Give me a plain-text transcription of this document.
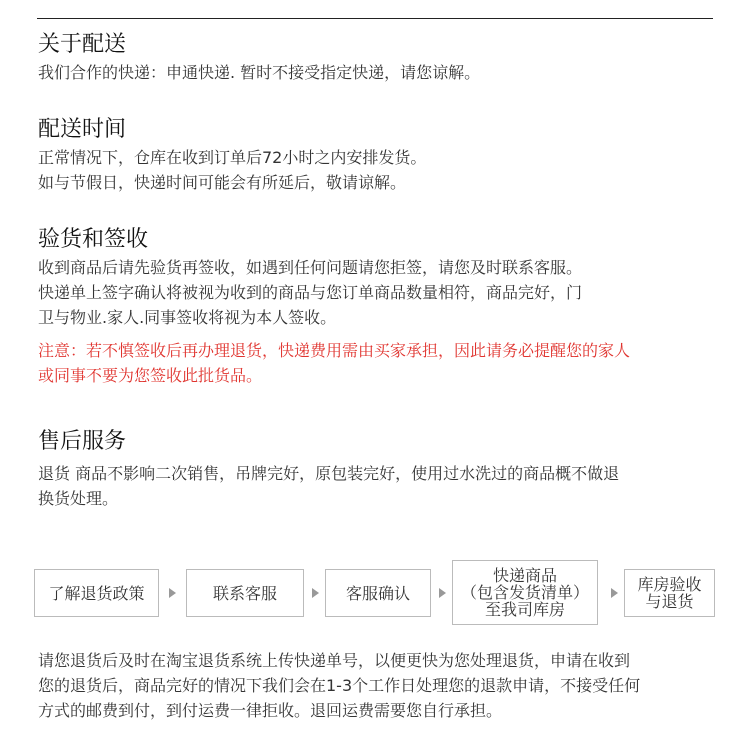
关于配送

我们合作的快递：申通快递. 暂时不接受指定快递，请您谅解。

配送时间

正常情况下，仓库在收到订单后72小时之内安排发货。

如与节假日，快递时间可能会有所延后，敬请谅解。

验货和签收

收到商品后请先验货再签收，如遇到任何问题请您拒签，请您及时联系客服。

快递单上签字确认将被视为收到的商品与您订单商品数量相符，商品完好，门

卫与物业.家人.同事签收将视为本人签收。

注意：若不慎签收后再办理退货，快递费用需由买家承担，因此请务必提醒您的家人

或同事不要为您签收此批货品。

售后服务

退货 商品不影响二次销售，吊牌完好，原包装完好，使用过水洗过的商品概不做退

换货处理。

了解退货政策	联系客服	客服确认
快递商品
（包含发货清单）
至我司库房
库房验收
与退货

请您退货后及时在淘宝退货系统上传快递单号，以便更快为您处理退货，申请在收到

您的退货后，商品完好的情况下我们会在1-3个工作日处理您的退款申请，不接受任何

方式的邮费到付，到付运费一律拒收。退回运费需要您自行承担。
